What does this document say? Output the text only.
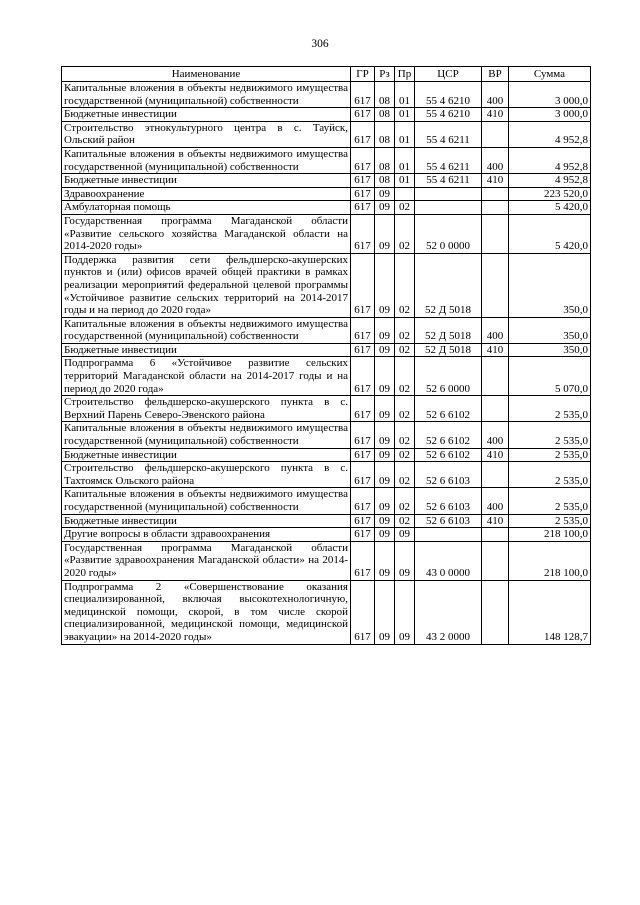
306
Наименование	ГР	Рз	Пр	ЦСР	ВР	Сумма
Капитальные вложения в объекты недвижимого имущества государственной (муниципальной) собственности	617	08	01	55 4 6210	400	3 000,0
Бюджетные инвестиции	617	08	01	55 4 6210	410	3 000,0
Строительство этнокультурного центра в с. Тауйск, Ольский район	617	08	01	55 4 6211		4 952,8
Капитальные вложения в объекты недвижимого имущества государственной (муниципальной) собственности	617	08	01	55 4 6211	400	4 952,8
Бюджетные инвестиции	617	08	01	55 4 6211	410	4 952,8
Здравоохранение	617	09				223 520,0
Амбулаторная помощь	617	09	02			5 420,0
Государственная программа Магаданской области «Развитие сельского хозяйства Магаданской области на 2014-2020 годы»	617	09	02	52 0 0000		5 420,0
Поддержка развития сети фельдшерско-акушерских пунктов и (или) офисов врачей общей практики в рамках реализации мероприятий федеральной целевой программы «Устойчивое развитие сельских территорий на 2014-2017 годы и на период до 2020 года»	617	09	02	52 Д 5018		350,0
Капитальные вложения в объекты недвижимого имущества государственной (муниципальной) собственности	617	09	02	52 Д 5018	400	350,0
Бюджетные инвестиции	617	09	02	52 Д 5018	410	350,0
Подпрограмма 6 «Устойчивое развитие сельских территорий Магаданской области на 2014-2017 годы и на период до 2020 года»	617	09	02	52 6 0000		5 070,0
Строительство фельдшерско-акушерского пункта в с. Верхний Парень Северо-Эвенского района	617	09	02	52 6 6102		2 535,0
Капитальные вложения в объекты недвижимого имущества государственной (муниципальной) собственности	617	09	02	52 6 6102	400	2 535,0
Бюджетные инвестиции	617	09	02	52 6 6102	410	2 535,0
Строительство фельдшерско-акушерского пункта в с. Тахтоямск Ольского района	617	09	02	52 6 6103		2 535,0
Капитальные вложения в объекты недвижимого имущества государственной (муниципальной) собственности	617	09	02	52 6 6103	400	2 535,0
Бюджетные инвестиции	617	09	02	52 6 6103	410	2 535,0
Другие вопросы в области здравоохранения	617	09	09			218 100,0
Государственная программа Магаданской области «Развитие здравоохранения Магаданской области» на 2014-2020 годы»	617	09	09	43 0 0000		218 100,0
Подпрограмма 2 «Совершенствование оказания специализированной, включая высокотехнологичную, медицинской помощи, скорой, в том числе скорой специализированной, медицинской помощи, медицинской эвакуации» на 2014-2020 годы»	617	09	09	43 2 0000		148 128,7
